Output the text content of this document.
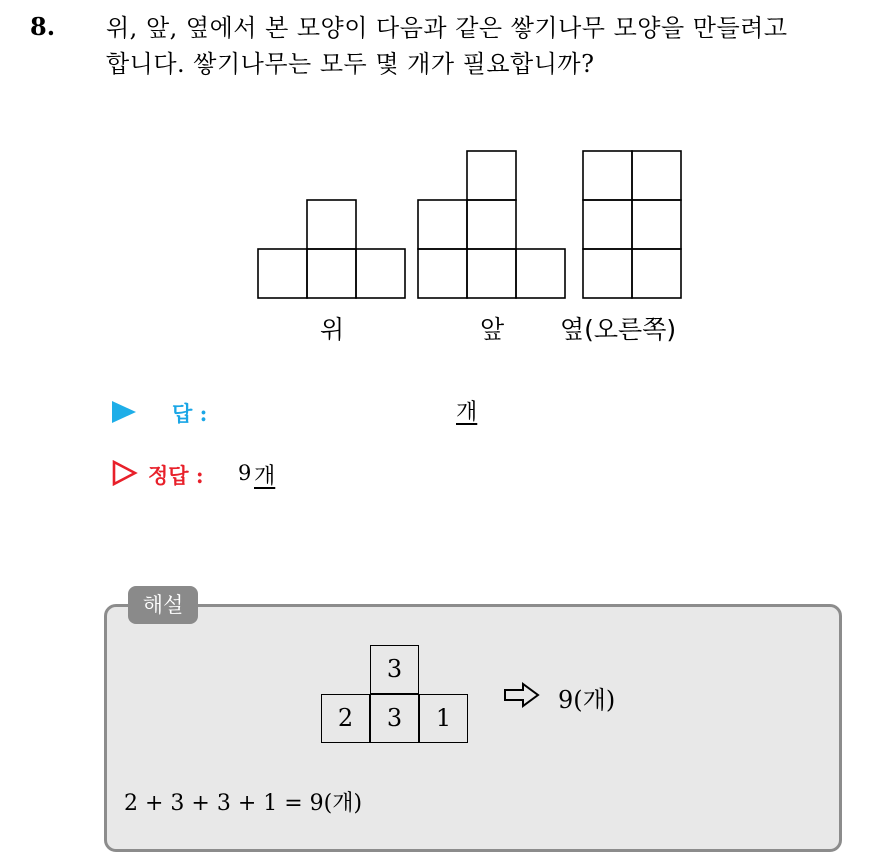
8. 위, 앞, 옆에서 본 모양이 다음과 같은 쌓기나무 모양을 만들려고
합니다. 쌓기나무는 모두 몇 개가 필요합니까?
위	앞 옆(오른쪽)
답 :	개
정답 : 9 개
해설
3
2	3	1
9(개)
2 + 3 + 3 + 1 = 9(개)
